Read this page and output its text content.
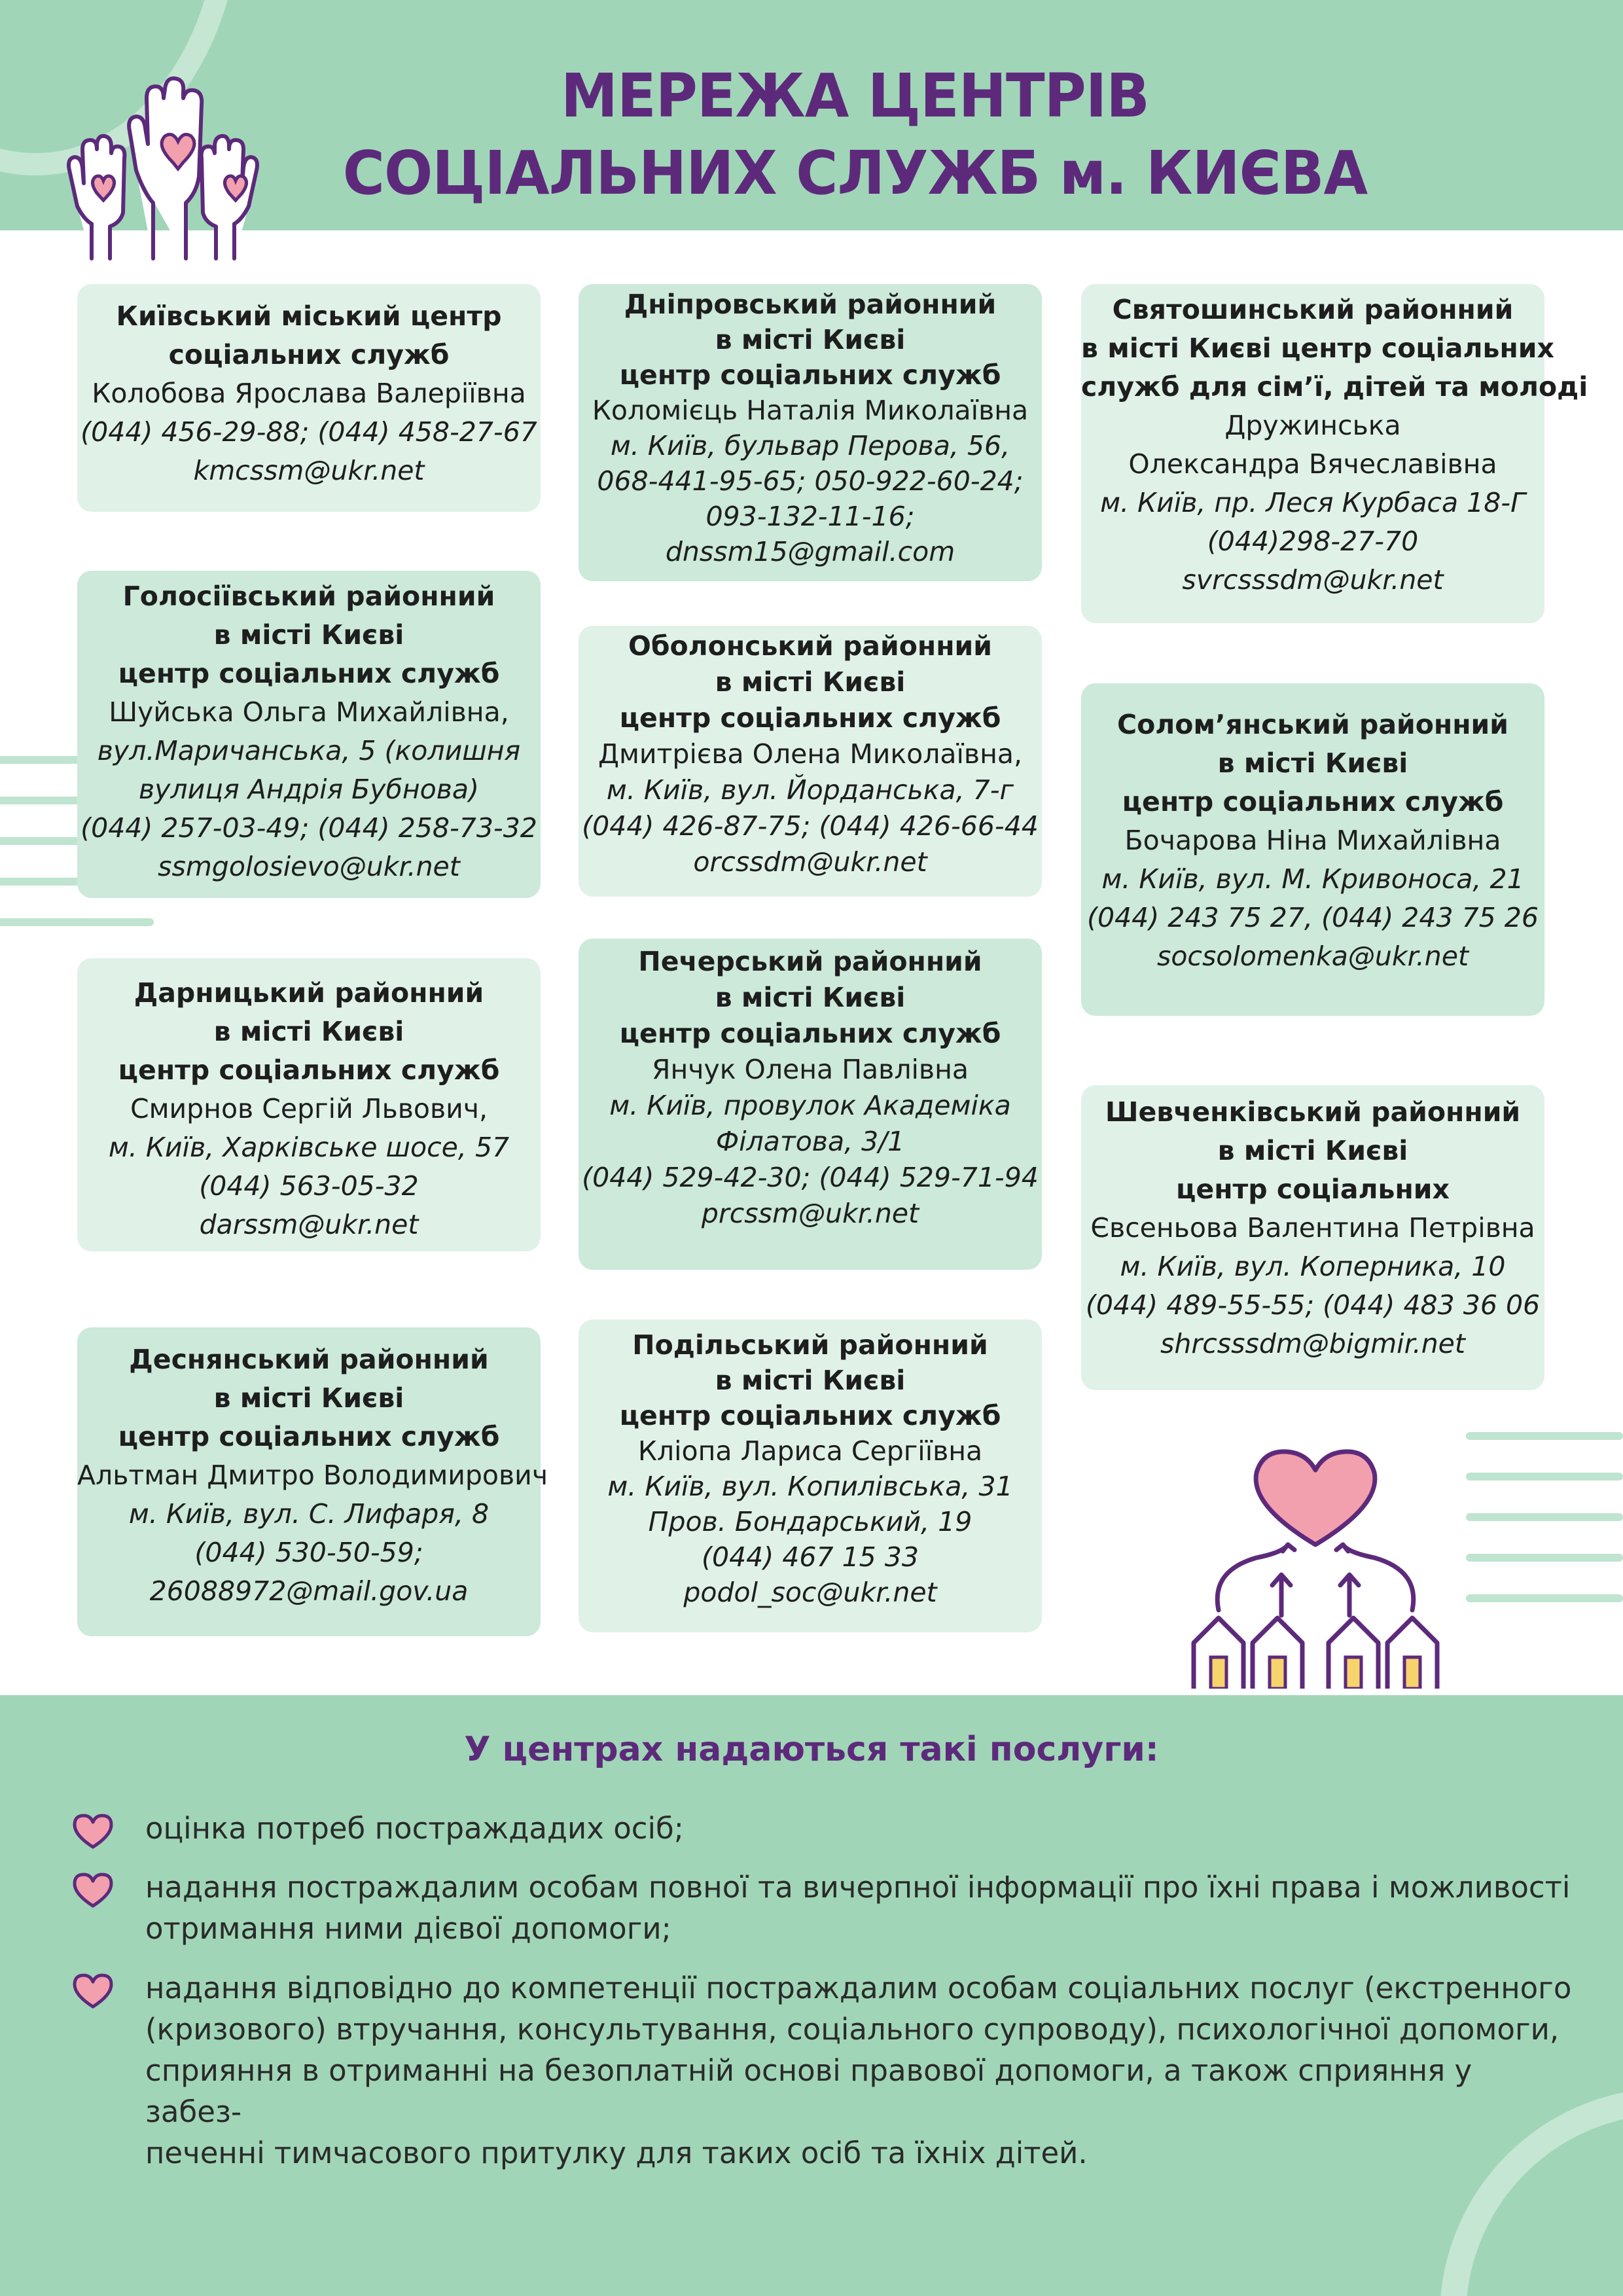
МЕРЕЖА ЦЕНТРІВ
СОЦІАЛЬНИХ СЛУЖБ м. КИЄВА
Київський міський центр
соціальних служб
Колобова Ярослава Валеріївна
(044) 456-29-88; (044) 458-27-67
kmcssm@ukr.net
Голосіївський районний
в місті Києві
центр соціальних служб
Шуйська Ольга Михайлівна,
вул.Маричанська, 5 (колишня
вулиця Андрія Бубнова)
(044) 257-03-49; (044) 258-73-32
ssmgolosievo@ukr.net
Дарницький районний
в місті Києві
центр соціальних служб
Смирнов Сергій Львович,
м. Київ, Харківське шосе, 57
(044) 563-05-32
darssm@ukr.net
Деснянський районний
в місті Києві
центр соціальних служб
Альтман Дмитро Володимирович
м. Київ, вул. С. Лифаря, 8
(044) 530-50-59;
26088972@mail.gov.ua
Дніпровський районний
в місті Києві
центр соціальних служб
Коломієць Наталія Миколаївна
м. Київ, бульвар Перова, 56,
068-441-95-65; 050-922-60-24;
093-132-11-16;
dnssm15@gmail.com
Оболонський районний
в місті Києві
центр соціальних служб
Дмитрієва Олена Миколаївна,
м. Київ, вул. Йорданська, 7-г
(044) 426-87-75; (044) 426-66-44
orcssdm@ukr.net
Печерський районний
в місті Києві
центр соціальних служб
Янчук Олена Павлівна
м. Київ, провулок Академіка
Філатова, 3/1
(044) 529-42-30; (044) 529-71-94
prcssm@ukr.net
Подільський районний
в місті Києві
центр соціальних служб
Кліопа Лариса Сергіївна
м. Київ, вул. Копилівська, 31
Пров. Бондарський, 19
(044) 467 15 33
podol_soc@ukr.net
Святошинський районний
в місті Києві центр соціальних
служб для сім’ї, дітей та молоді
Дружинська
Олександра Вячеславівна
м. Київ, пр. Леся Курбаса 18-Г
(044)298-27-70
svrcsssdm@ukr.net
Солом’янський районний
в місті Києві
центр соціальних служб
Бочарова Ніна Михайлівна
м. Київ, вул. М. Кривоноса, 21
(044) 243 75 27, (044) 243 75 26
socsolomenka@ukr.net
Шевченківський районний
в місті Києві
центр соціальних
Євсеньова Валентина Петрівна
м. Київ, вул. Коперника, 10
(044) 489-55-55; (044) 483 36 06
shrcsssdm@bigmir.net
У центрах надаються такі послуги:
оцінка потреб постраждадих осіб;
надання постраждалим особам повної та вичерпної інформації про їхні права і можливості
отримання ними дієвої допомоги;
надання відповідно до компетенції постраждалим особам соціальних послуг (екстренного
(кризового) втручання, консультування, соціального супроводу), психологічної допомоги,
сприяння в отриманні на безоплатній основі правової допомоги, а також сприяння у забез-
печенні тимчасового притулку для таких осіб та їхніх дітей.
